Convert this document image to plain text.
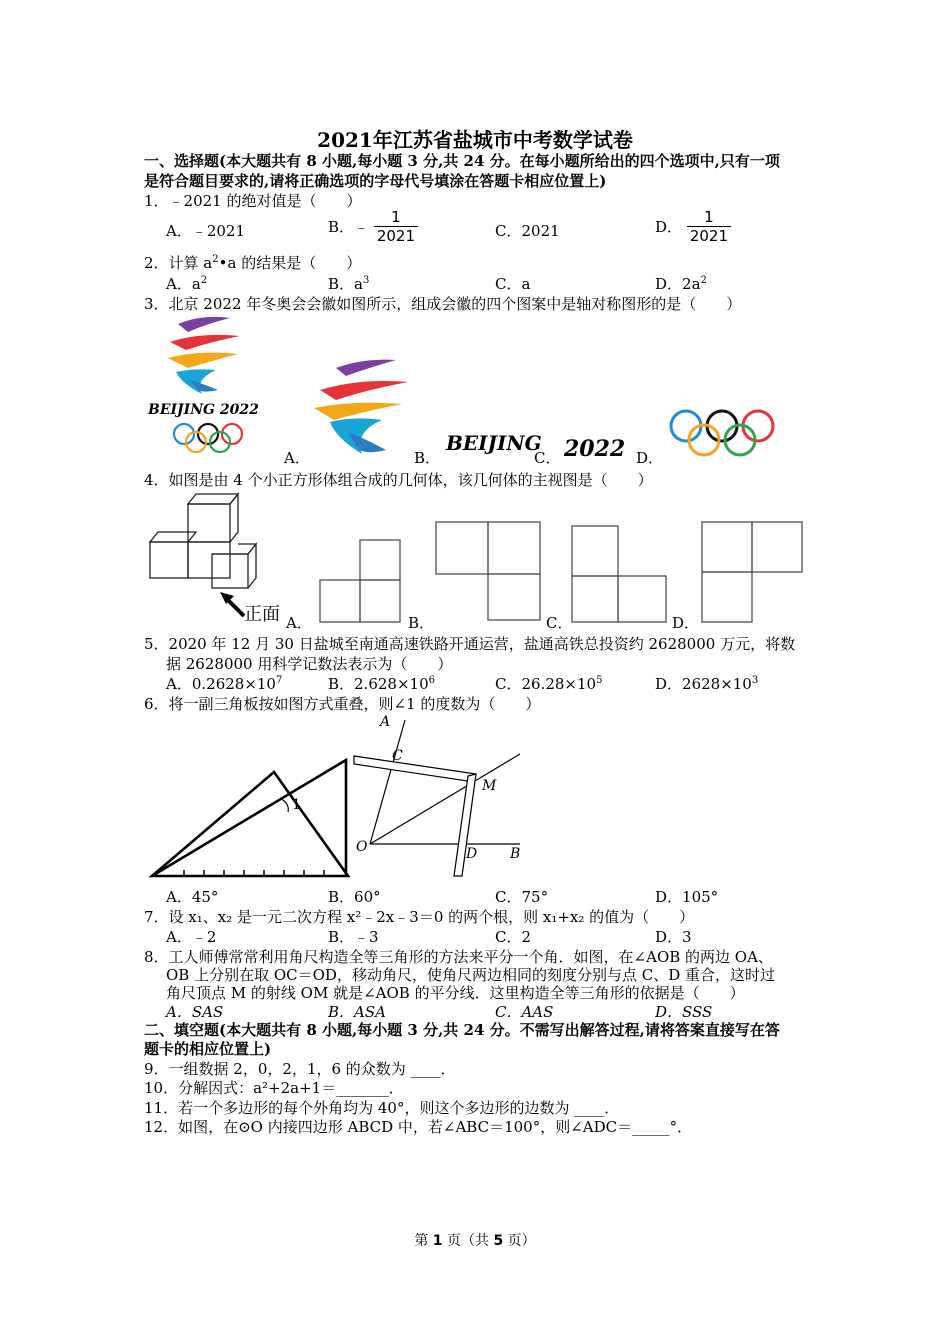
2021年江苏省盐城市中考数学试卷
一、选择题(本大题共有 8 小题,每小题 3 分,共 24 分。在每小题所给出的四个选项中,只有一项
是符合题目要求的,请将正确选项的字母代号填涂在答题卡相应位置上)
1．﹣2021 的绝对值是（　　）
A．﹣2021	B．﹣ $\frac{1}{2021}$	C．2021	D． $\frac{1}{2021}$
2．计算 $a^2•a$ 的结果是（　　）
A．$a^2$	B．$a^3$	C．a	D．$2a^2$
3．北京 2022 年冬奥会会徽如图所示，组成会徽的四个图案中是轴对称图形的是（　　）
BEIJING 2022
A．	B．
BEIJING
C． 2022 D．
4．如图是由 4 个小正方形体组合成的几何体，该几何体的主视图是（　　）
正面 A．	B．	C．	D．
5．2020 年 12 月 30 日盐城至南通高速铁路开通运营，盐通高铁总投资约 2628000 万元，将数
据 2628000 用科学记数法表示为（　　）
A．$0.2628\times 10^7$	B．$2.628\times 10^6$	C．$26.28\times 10^5$	D．$2628\times 10^3$
6．将一副三角板按如图方式重叠，则∠1 的度数为（　　）
1
A
C
M
O	D B
A．45°	B．60°	C．75°	D．105°
7．设 x₁、x₂ 是一元二次方程 x²﹣2x﹣3＝0 的两个根，则 x₁+x₂ 的值为（　　）
A．﹣2	B．﹣3	C．2	D．3
8．工人师傅常常利用角尺构造全等三角形的方法来平分一个角．如图，在∠AOB 的两边 OA、
OB 上分别在取 OC＝OD，移动角尺，使角尺两边相同的刻度分别与点 C、D 重合，这时过
角尺顶点 M 的射线 OM 就是∠AOB 的平分线．这里构造全等三角形的依据是（　　）
A．SAS	B．ASA	C．AAS	D．SSS
二、填空题(本大题共有 8 小题,每小题 3 分,共 24 分。不需写出解答过程,请将答案直接写在答
题卡的相应位置上)
9．一组数据 2，0，2，1，6 的众数为 ____．
10．分解因式：a²+2a+1＝_______．
11．若一个多边形的每个外角均为 40°，则这个多边形的边数为 ____．
12．如图，在⊙O 内接四边形 ABCD 中，若∠ABC＝100°，则∠ADC＝_____°．
第 1 页（共 5 页）
